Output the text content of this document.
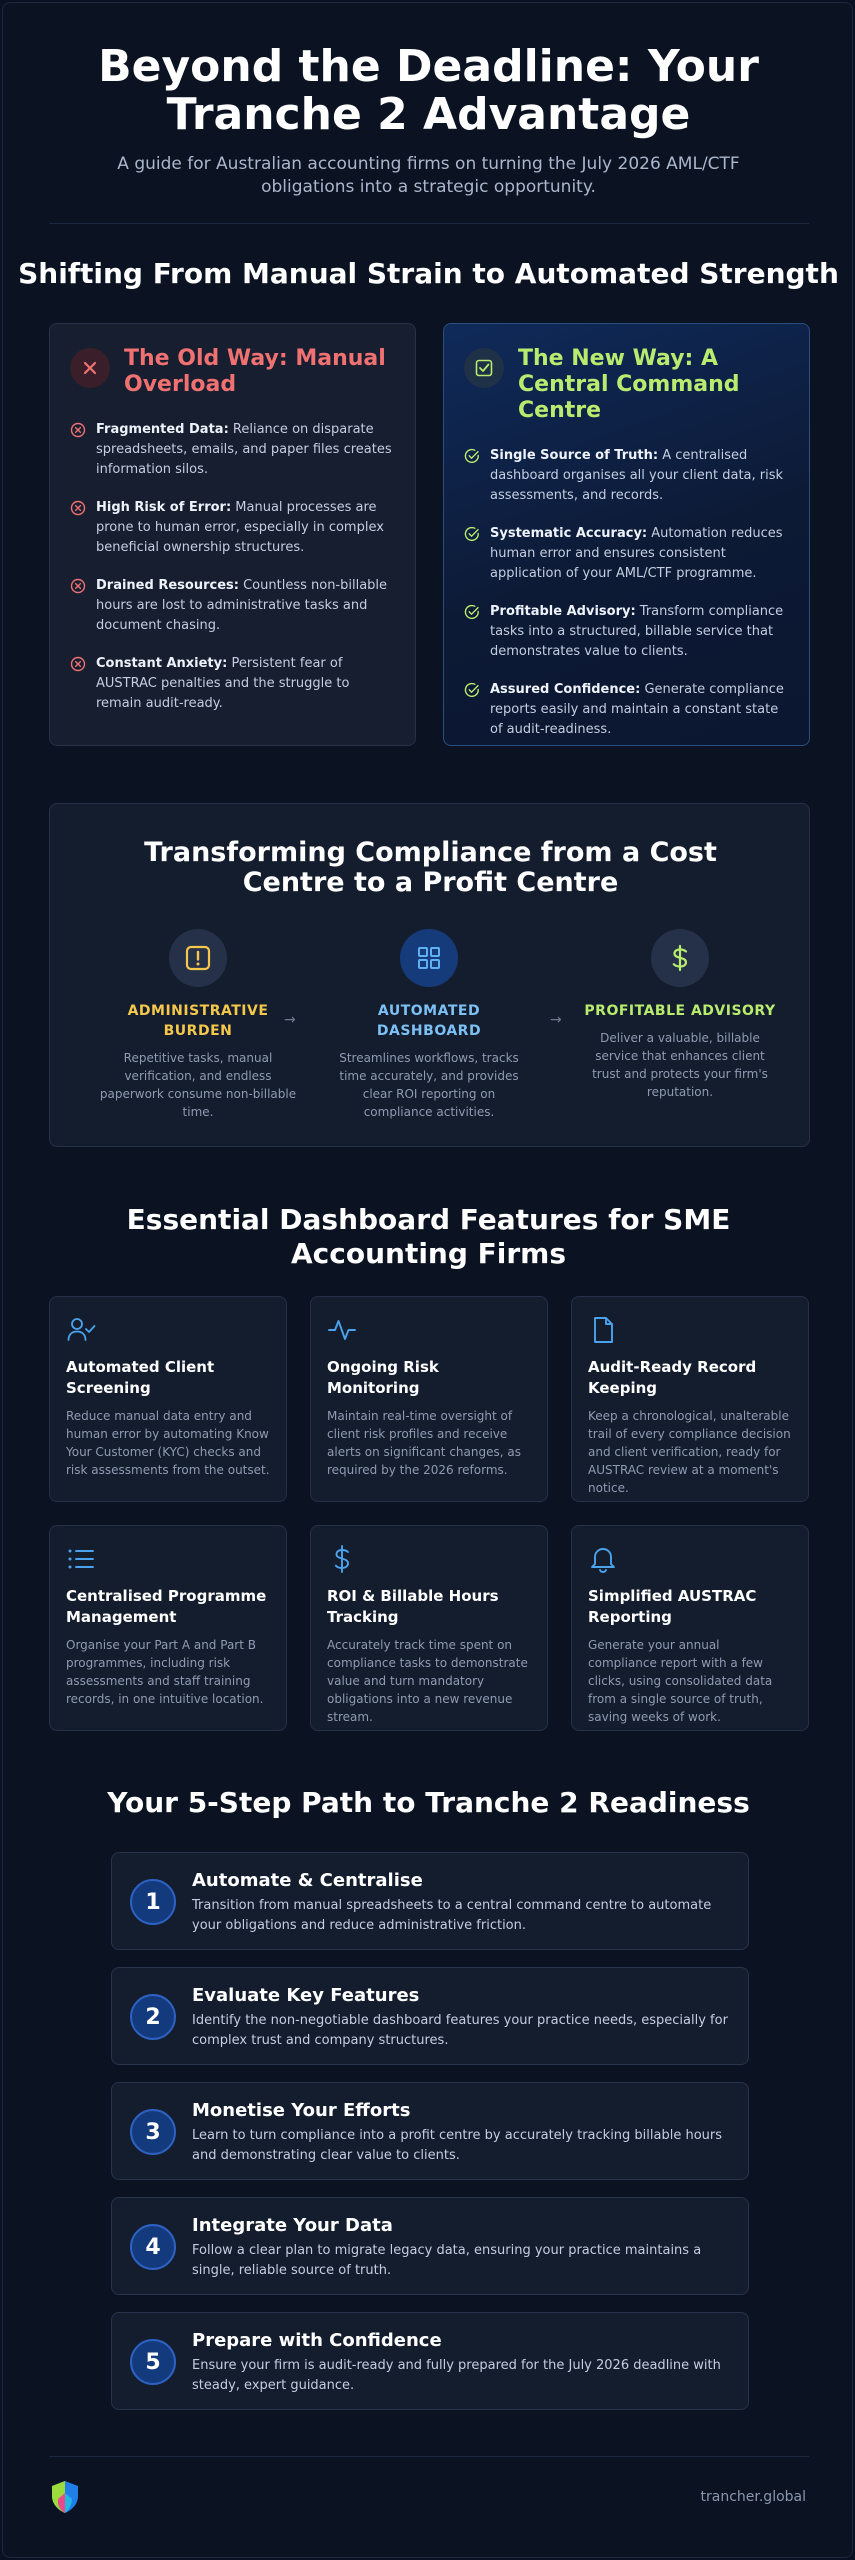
Beyond the Deadline: Your Tranche 2 Advantage
A guide for Australian accounting firms on turning the July 2026 AML/CTF obligations into a strategic opportunity.
Shifting From Manual Strain to Automated Strength
The Old Way: Manual Overload
Fragmented Data: Reliance on disparate spreadsheets, emails, and paper files creates information silos.
High Risk of Error: Manual processes are prone to human error, especially in complex beneficial ownership structures.
Drained Resources: Countless non-billable hours are lost to administrative tasks and document chasing.
Constant Anxiety: Persistent fear of AUSTRAC penalties and the struggle to remain audit-ready.
The New Way: A Central Command Centre
Single Source of Truth: A centralised dashboard organises all your client data, risk assessments, and records.
Systematic Accuracy: Automation reduces human error and ensures consistent application of your AML/CTF programme.
Profitable Advisory: Transform compliance tasks into a structured, billable service that demonstrates value to clients.
Assured Confidence: Generate compliance reports easily and maintain a constant state of audit-readiness.
Transforming Compliance from a Cost Centre to a Profit Centre
ADMINISTRATIVE BURDEN
Repetitive tasks, manual verification, and endless paperwork consume non-billable time.
→
AUTOMATED DASHBOARD
Streamlines workflows, tracks time accurately, and provides clear ROI reporting on compliance activities.
→
PROFITABLE ADVISORY
Deliver a valuable, billable service that enhances client trust and protects your firm's reputation.
Essential Dashboard Features for SME Accounting Firms
Automated Client Screening
Reduce manual data entry and human error by automating Know Your Customer (KYC) checks and risk assessments from the outset.
Ongoing Risk Monitoring
Maintain real-time oversight of client risk profiles and receive alerts on significant changes, as required by the 2026 reforms.
Audit-Ready Record Keeping
Keep a chronological, unalterable trail of every compliance decision and client verification, ready for AUSTRAC review at a moment's notice.
Centralised Programme Management
Organise your Part A and Part B programmes, including risk assessments and staff training records, in one intuitive location.
ROI & Billable Hours Tracking
Accurately track time spent on compliance tasks to demonstrate value and turn mandatory obligations into a new revenue stream.
Simplified AUSTRAC Reporting
Generate your annual compliance report with a few clicks, using consolidated data from a single source of truth, saving weeks of work.
Your 5-Step Path to Tranche 2 Readiness
1
Automate & Centralise
Transition from manual spreadsheets to a central command centre to automate your obligations and reduce administrative friction.
2
Evaluate Key Features
Identify the non-negotiable dashboard features your practice needs, especially for complex trust and company structures.
3
Monetise Your Efforts
Learn to turn compliance into a profit centre by accurately tracking billable hours and demonstrating clear value to clients.
4
Integrate Your Data
Follow a clear plan to migrate legacy data, ensuring your practice maintains a single, reliable source of truth.
5
Prepare with Confidence
Ensure your firm is audit-ready and fully prepared for the July 2026 deadline with steady, expert guidance.
trancher.global
